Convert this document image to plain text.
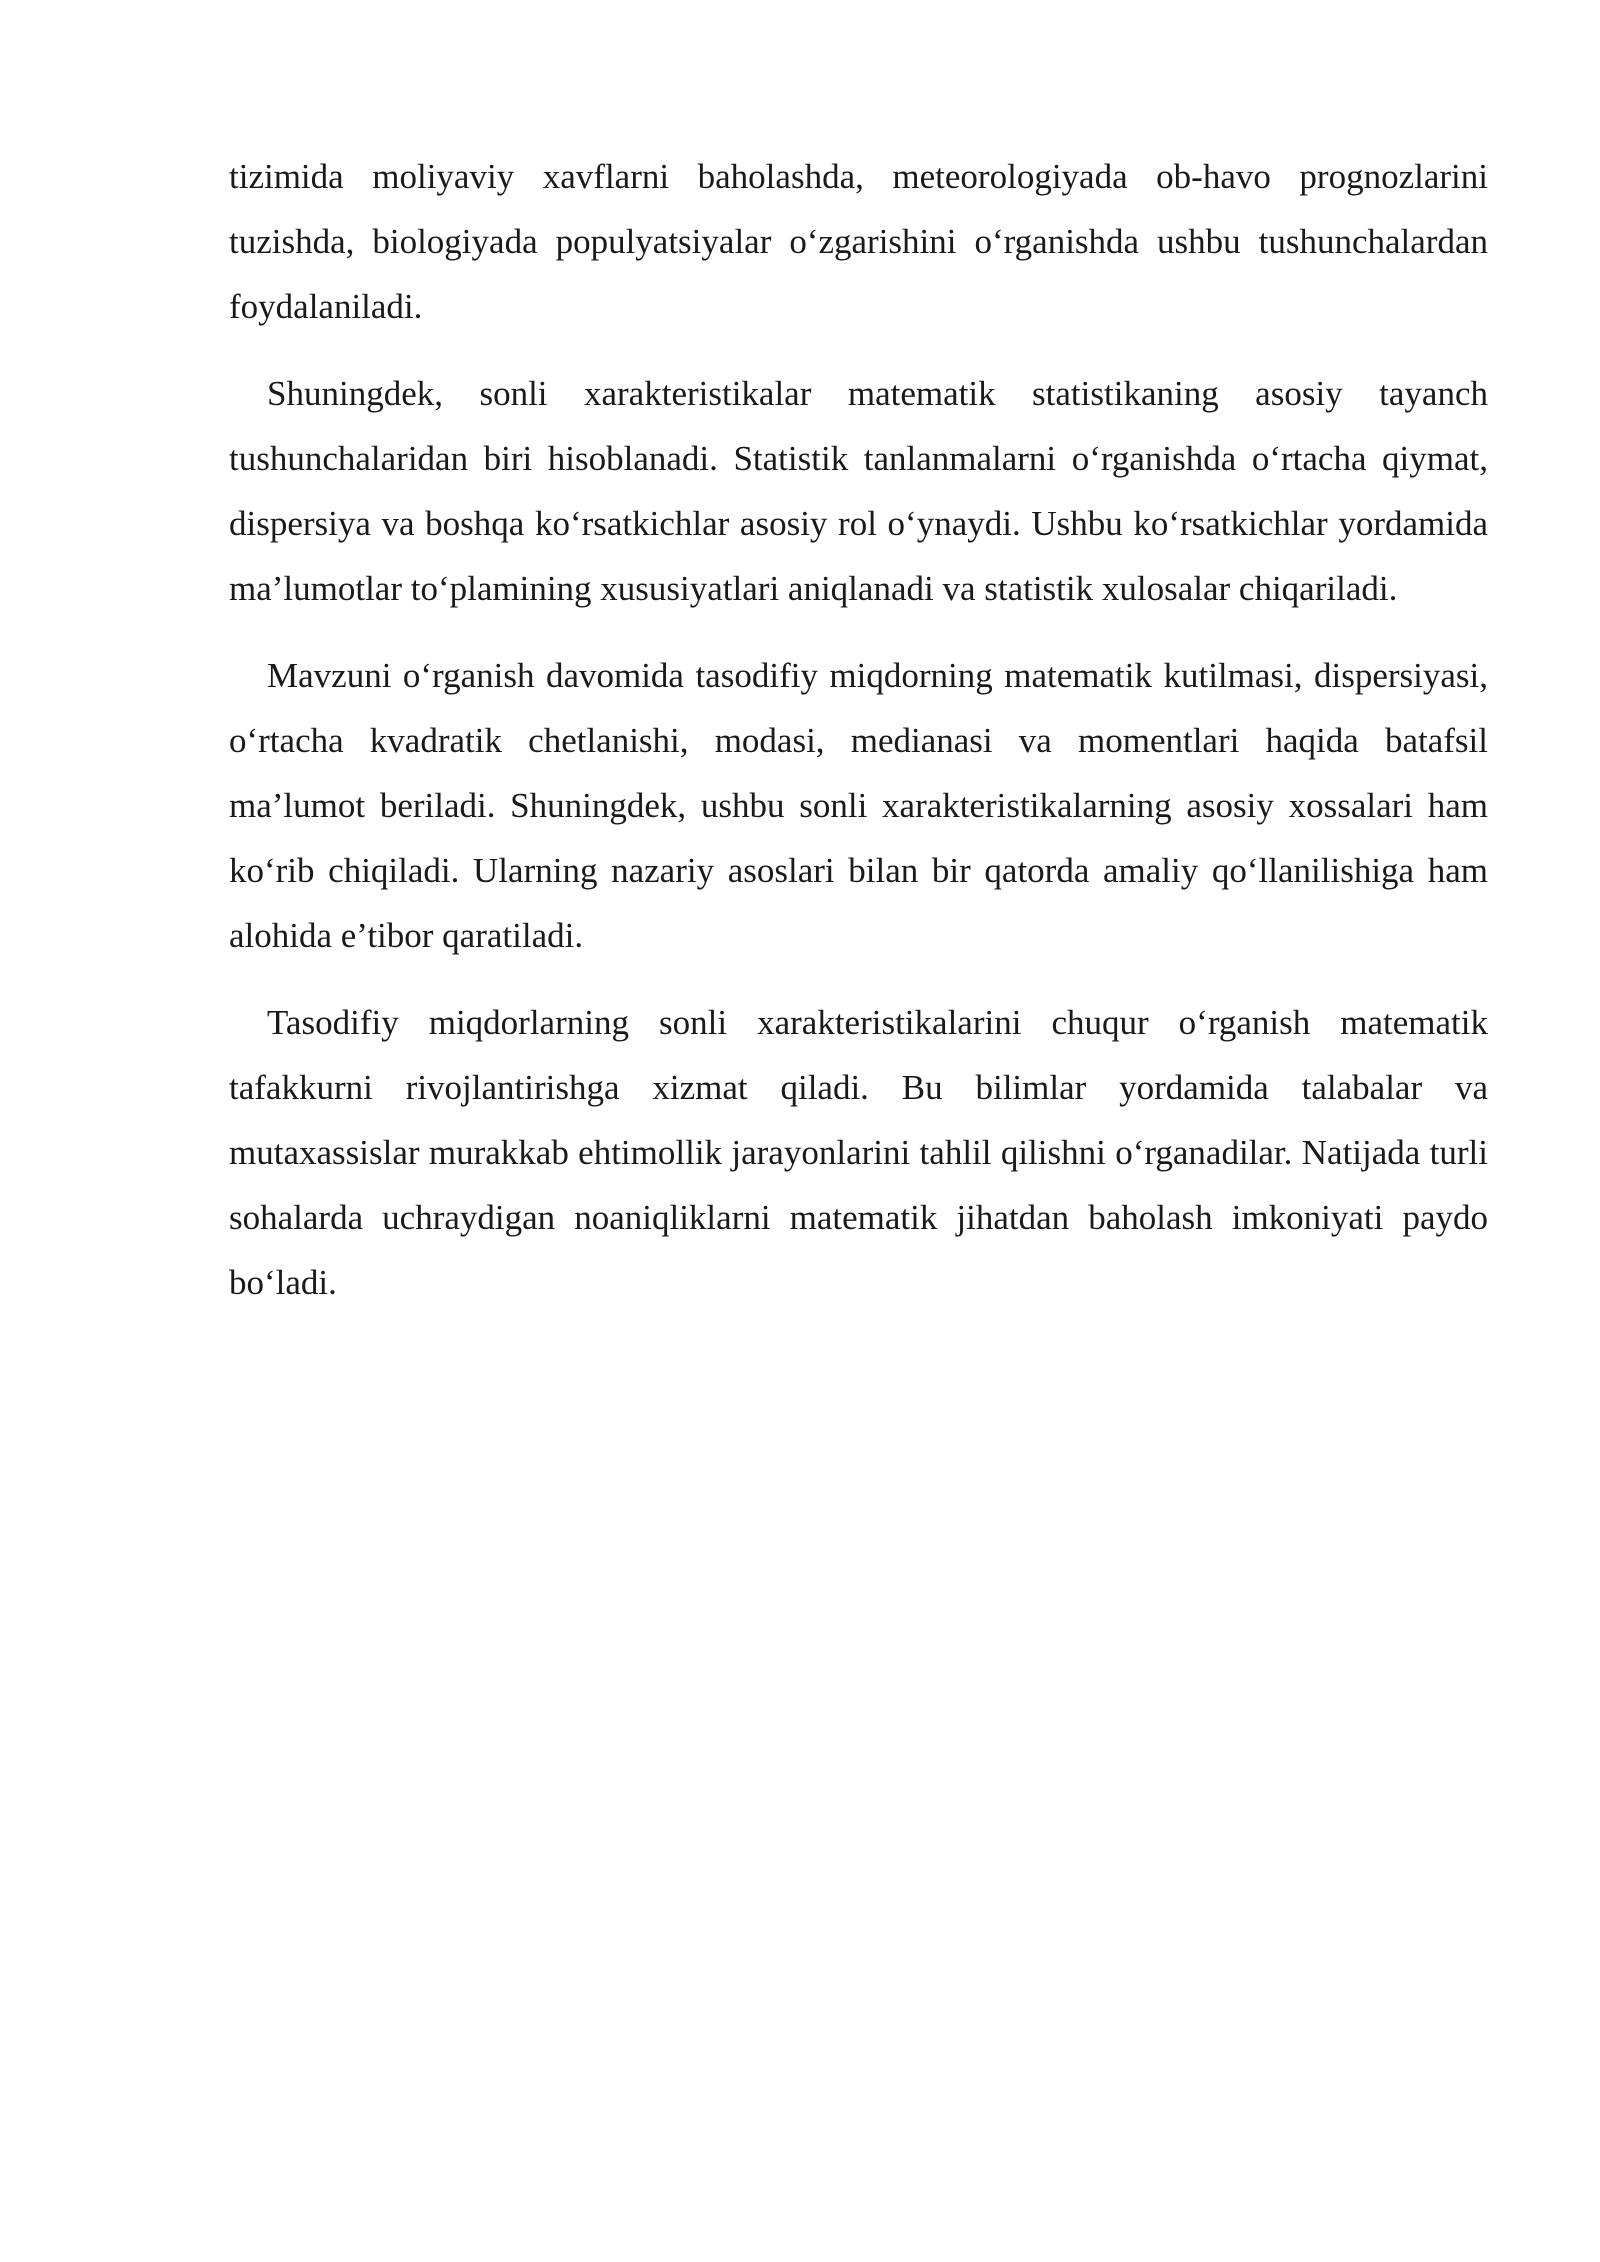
tizimida moliyaviy xavflarni baholashda, meteorologiyada ob-havo prognozlarini tuzishda, biologiyada populyatsiyalar o‘zgarishini o‘rganishda ushbu tushunchalardan foydalaniladi.

Shuningdek, sonli xarakteristikalar matematik statistikaning asosiy tayanch tushunchalaridan biri hisoblanadi. Statistik tanlanmalarni o‘rganishda o‘rtacha qiymat, dispersiya va boshqa ko‘rsatkichlar asosiy rol o‘ynaydi. Ushbu ko‘rsatkichlar yordamida ma’lumotlar to‘plamining xususiyatlari aniqlanadi va statistik xulosalar chiqariladi.

Mavzuni o‘rganish davomida tasodifiy miqdorning matematik kutilmasi, dispersiyasi, o‘rtacha kvadratik chetlanishi, modasi, medianasi va momentlari haqida batafsil ma’lumot beriladi. Shuningdek, ushbu sonli xarakteristikalarning asosiy xossalari ham ko‘rib chiqiladi. Ularning nazariy asoslari bilan bir qatorda amaliy qo‘llanilishiga ham alohida e’tibor qaratiladi.

Tasodifiy miqdorlarning sonli xarakteristikalarini chuqur o‘rganish matematik tafakkurni rivojlantirishga xizmat qiladi. Bu bilimlar yordamida talabalar va mutaxassislar murakkab ehtimollik jarayonlarini tahlil qilishni o‘rganadilar. Natijada turli sohalarda uchraydigan noaniqliklarni matematik jihatdan baholash imkoniyati paydo bo‘ladi.
